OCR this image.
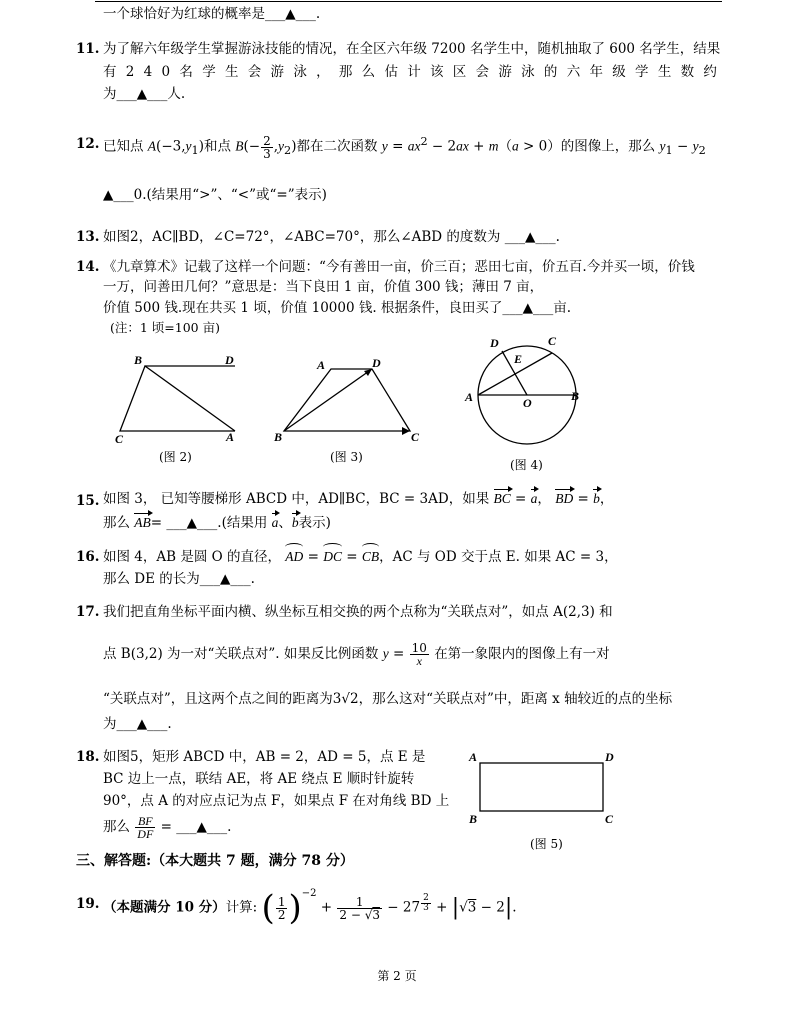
一个球恰好为红球的概率是___▲___.
11. 为了解六年级学生掌握游泳技能的情况，在全区六年级 7200 名学生中，随机抽取了 600 名学生，结果
有 2 4 0 名 学 生 会 游 泳 ， 那 么 估 计 该 区 会 游 泳 的 六 年 级 学 生 数 约
为___▲___人.
12. 已知点 $A(-3,y_1)$和点 $B(- \frac{2}{3} ,y_2)$都在二次函数 $y = ax^2 - 2ax + m(a > 0)$的图像上，那么 $y_1 - y_2$
▲___0.(结果用“>”、“<”或“=”表示)
13. 如图2，AC∥BD，∠C=72°，∠ABC=70°，那么∠ABD 的度数为 ___▲___.
14. 《九章算术》记载了这样一个问题：“今有善田一亩，价三百；恶田七亩，价五百.今并买一顷，价钱
一万，问善田几何？”意思是：当下良田 1 亩，价值 300 钱；薄田 7 亩，
价值 500 钱.现在共买 1 顷，价值 10000 钱. 根据条件，良田买了___▲___亩.
(注：1 顷=100 亩)
B	D
C	A
(图 2)
A	D
B	C
(图 3)
D	C
E
A	O	B
(图 4)
15. 如图 3， 已知等腰梯形 ABCD 中，AD∥BC，BC = 3AD，如果 BC = a， BD = b，
那么 AB= ___▲___.(结果用 a、b表示)
16. 如图 4，AB 是圆 O 的直径， AD = DC = CB，AC 与 OD 交于点 E. 如果 AC = 3，
那么 DE 的长为___▲___.
17. 我们把直角坐标平面内横、纵坐标互相交换的两个点称为“关联点对”，如点 A(2,3) 和
点 B(3,2) 为一对“关联点对”. 如果反比例函数 $y = \frac{10}{x}$ 在第一象限内的图像上有一对
“关联点对”，且这两个点之间的距离为3√2，那么这对“关联点对”中，距离 x 轴较近的点的坐标
为___▲___.
18. 如图5，矩形 ABCD 中，AB = 2，AD = 5，点 E 是
BC 边上一点，联结 AE，将 AE 绕点 E 顺时针旋转
90°，点 A 的对应点记为点 F，如果点 F 在对角线 BD 上
那么 $\frac{BF}{DF}$ = ___▲___.
A	D
B	C
(图 5)
三、解答题:（本大题共 7 题，满分 78 分）
19. （本题满分 10 分）计算: ( $\frac{1}{2} )^{-2} + \frac{1}{2 - √3} - 27$ $^{\frac{2}{3}}$ + |√3 − 2|.
第 2 页
